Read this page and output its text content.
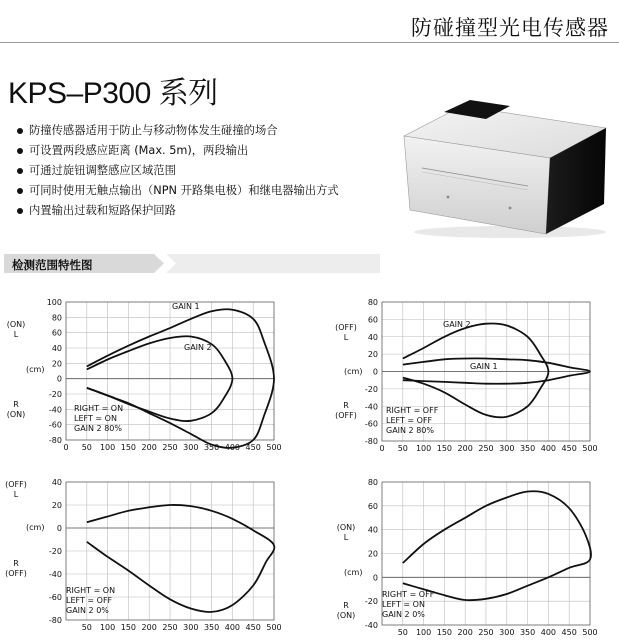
防碰撞型光电传感器
KPS–P300 系列
防撞传感器适用于防止与移动物体发生碰撞的场合
可设置两段感应距离 (Max. 5m)，两段输出
可通过旋钮调整感应区域范围
可同时使用无触点输出（NPN 开路集电极）和继电器输出方式
内置输出过载和短路保护回路
检测范围特性图
(ON)
L
(cm)
R
(ON)
0 50 100 150 200 250 300 350 400 450 500
100
80
60
40
20
0
-20
-40
-60
-80
RIGHT = ON
LEFT = ON
GAIN 2 80%
GAIN 1
GAIN 2
(OFF)
L
(cm)
R
(OFF)
0 50 100 150 200 250 300 350 400 450 500
80
60
40
20
0
-20
-40
-60
-80
RIGHT = OFF
LEFT = OFF
GAIN 2 80%
GAIN 2
GAIN 1
(OFF)
L
(cm)
R
(OFF)
50 100 150 200 250 300 350 400 450 500
40
20
0
-20
-40
-60
-80
RIGHT = ON
LEFT = OFF
GAIN 2 0%
(ON)
L
(cm)
R
(ON)
50 100 150 200 250 300 350 400 450 500
80
60
40
20
0
-20
-40
RIGHT = OFF
LEFT = ON
GAIN 2 0%
